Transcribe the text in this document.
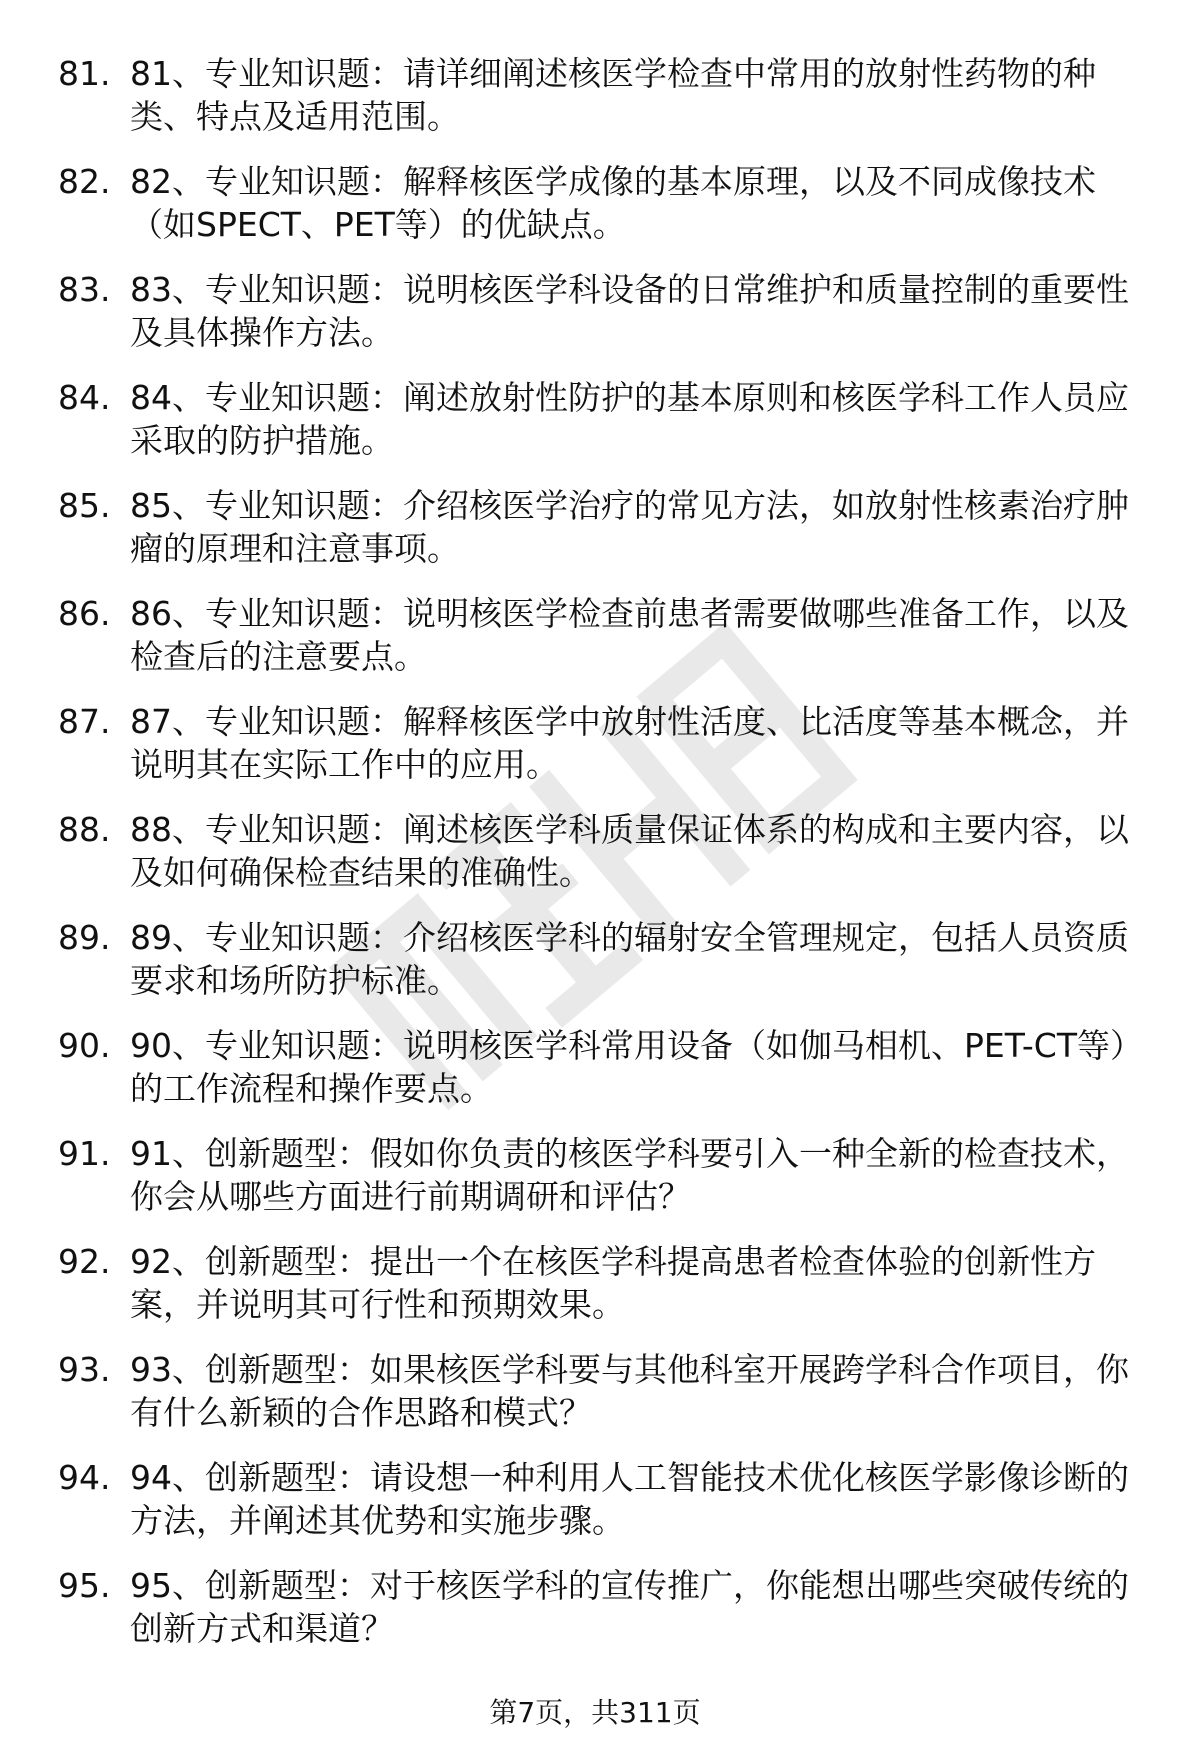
81. 81、专业知识题：请详细阐述核医学检查中常用的放射性药物的种类、特点及适用范围。
82. 82、专业知识题：解释核医学成像的基本原理，以及不同成像技术（如SPECT、PET等）的优缺点。
83. 83、专业知识题：说明核医学科设备的日常维护和质量控制的重要性及具体操作方法。
84. 84、专业知识题：阐述放射性防护的基本原则和核医学科工作人员应采取的防护措施。
85. 85、专业知识题：介绍核医学治疗的常见方法，如放射性核素治疗肿瘤的原理和注意事项。
86. 86、专业知识题：说明核医学检查前患者需要做哪些准备工作，以及检查后的注意要点。
87. 87、专业知识题：解释核医学中放射性活度、比活度等基本概念，并说明其在实际工作中的应用。
88. 88、专业知识题：阐述核医学科质量保证体系的构成和主要内容，以及如何确保检查结果的准确性。
89. 89、专业知识题：介绍核医学科的辐射安全管理规定，包括人员资质要求和场所防护标准。
90. 90、专业知识题：说明核医学科常用设备（如伽马相机、PET-CT等）的工作流程和操作要点。
91. 91、创新题型：假如你负责的核医学科要引入一种全新的检查技术，你会从哪些方面进行前期调研和评估？
92. 92、创新题型：提出一个在核医学科提高患者检查体验的创新性方案，并说明其可行性和预期效果。
93. 93、创新题型：如果核医学科要与其他科室开展跨学科合作项目，你有什么新颖的合作思路和模式？
94. 94、创新题型：请设想一种利用人工智能技术优化核医学影像诊断的方法，并阐述其优势和实施步骤。
95. 95、创新题型：对于核医学科的宣传推广，你能想出哪些突破传统的创新方式和渠道？
第7页，共311页
